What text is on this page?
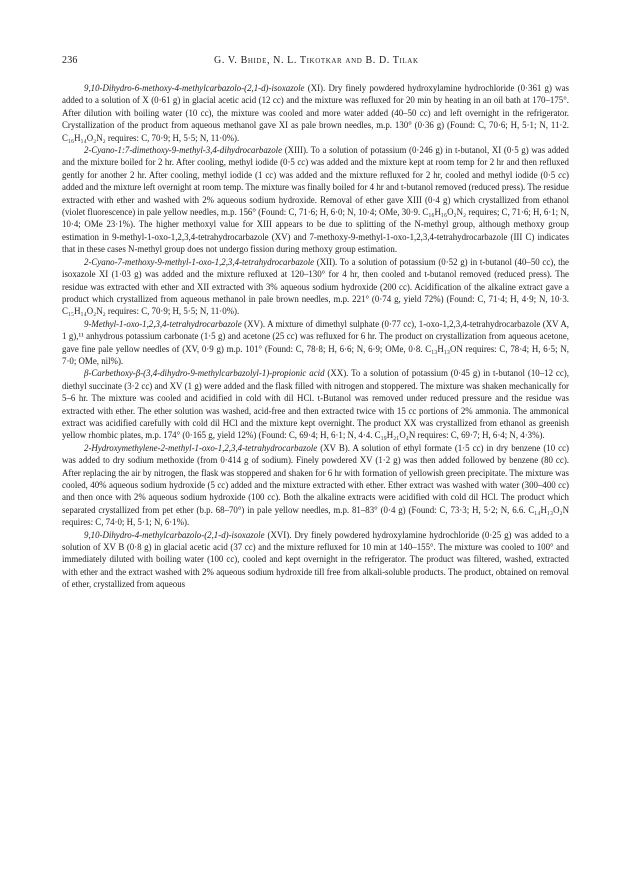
236	G. V. Bhide, N. L. Tikotkar and B. D. Tilak

9,10-Dihydro-6-methoxy-4-methylcarbazolo-(2,1-d)-isoxazole (XI). Dry finely powdered hydroxylamine hydrochloride (0·361 g) was added to a solution of X (0·61 g) in glacial acetic acid (12 cc) and the mixture was refluxed for 20 min by heating in an oil bath at 170–175°. After dilution with boiling water (10 cc), the mixture was cooled and more water added (40–50 cc) and left overnight in the refrigerator. Crystallization of the product from aqueous methanol gave XI as pale brown needles, m.p. 130° (0·36 g) (Found: C, 70·6; H, 5·1; N, 11·2. C₁₆H₁₄O₂N₂ requires: C, 70·9; H, 5·5; N, 11·0%).

2-Cyano-1:7-dimethoxy-9-methyl-3,4-dihydrocarbazole (XIII). To a solution of potassium (0·246 g) in t-butanol, XI (0·5 g) was added and the mixture boiled for 2 hr. After cooling, methyl iodide (0·5 cc) was added and the mixture kept at room temp for 2 hr and then refluxed gently for another 2 hr. After cooling, methyl iodide (1 cc) was added and the mixture refluxed for 2 hr, cooled and methyl iodide (0·5 cc) added and the mixture left overnight at room temp. The mixture was finally boiled for 4 hr and t-butanol removed (reduced press). The residue extracted with ether and washed with 2% aqueous sodium hydroxide. Removal of ether gave XIII (0·4 g) which crystallized from ethanol (violet fluorescence) in pale yellow needles, m.p. 156° (Found: C, 71·6; H, 6·0; N, 10·4; OMe, 30·9. C₁₆H₁₆O₂N₂ requires; C, 71·6; H, 6·1; N, 10·4; OMe 23·1%). The higher methoxyl value for XIII appears to be due to splitting of the N-methyl group, although methoxy group estimation in 9-methyl-1-oxo-1,2,3,4-tetrahydrocarbazole (XV) and 7-methoxy-9-methyl-1-oxo-1,2,3,4-tetrahydrocarbazole (III C) indicates that in these cases N-methyl group does not undergo fission during methoxy group estimation.

2-Cyano-7-methoxy-9-methyl-1-oxo-1,2,3,4-tetrahydrocarbazole (XII). To a solution of potassium (0·52 g) in t-butanol (40–50 cc), the isoxazole XI (1·03 g) was added and the mixture refluxed at 120–130° for 4 hr, then cooled and t-butanol removed (reduced press). The residue was extracted with ether and XII extracted with 3% aqueous sodium hydroxide (200 cc). Acidification of the alkaline extract gave a product which crystallized from aqueous methanol in pale brown needles, m.p. 221° (0·74 g, yield 72%) (Found: C, 71·4; H, 4·9; N, 10·3. C₁₅H₁₄O₂N₂ requires: C, 70·9; H, 5·5; N, 11·0%).

9-Methyl-1-oxo-1,2,3,4-tetrahydrocarbazole (XV). A mixture of dimethyl sulphate (0·77 cc), 1-oxo-1,2,3,4-tetrahydrocarbazole (XV A, 1 g),¹¹ anhydrous potassium carbonate (1·5 g) and acetone (25 cc) was refluxed for 6 hr. The product on crystallization from aqueous acetone, gave fine pale yellow needles of (XV, 0·9 g) m.p. 101° (Found: C, 78·8; H, 6·6; N, 6·9; OMe, 0·8. C₁₃H₁₃ON requires: C, 78·4; H, 6·5; N, 7·0; OMe, nil%).

β-Carbethoxy-β-(3,4-dihydro-9-methylcarbazolyl-1)-propionic acid (XX). To a solution of potassium (0·45 g) in t-butanol (10–12 cc), diethyl succinate (3·2 cc) and XV (1 g) were added and the flask filled with nitrogen and stoppered. The mixture was shaken mechanically for 5–6 hr. The mixture was cooled and acidified in cold with dil HCl. t-Butanol was removed under reduced pressure and the residue was extracted with ether. The ether solution was washed, acid-free and then extracted twice with 15 cc portions of 2% ammonia. The ammonical extract was acidified carefully with cold dil HCl and the mixture kept overnight. The product XX was crystallized from ethanol as greenish yellow rhombic plates, m.p. 174° (0·165 g, yield 12%) (Found: C, 69·4; H, 6·1; N, 4·4. C₁₉H₂₁O₄N requires: C, 69·7; H, 6·4; N, 4·3%).

2-Hydroxymethylene-2-methyl-1-oxo-1,2,3,4-tetrahydrocarbazole (XV B). A solution of ethyl formate (1·5 cc) in dry benzene (10 cc) was added to dry sodium methoxide (from 0·414 g of sodium). Finely powdered XV (1·2 g) was then added followed by benzene (80 cc). After replacing the air by nitrogen, the flask was stoppered and shaken for 6 hr with formation of yellowish green precipitate. The mixture was cooled, 40% aqueous sodium hydroxide (5 cc) added and the mixture extracted with ether. Ether extract was washed with water (300–400 cc) and then once with 2% aqueous sodium hydroxide (100 cc). Both the alkaline extracts were acidified with cold dil HCl. The product which separated crystallized from pet ether (b.p. 68–70°) in pale yellow needles, m.p. 81–83° (0·4 g) (Found: C, 73·3; H, 5·2; N, 6.6. C₁₄H₁₃O₂N requires: C, 74·0; H, 5·1; N, 6·1%).

9,10-Dihydro-4-methylcarbazolo-(2,1-d)-isoxazole (XVI). Dry finely powdered hydroxylamine hydrochloride (0·25 g) was added to a solution of XV B (0·8 g) in glacial acetic acid (37 cc) and the mixture refluxed for 10 min at 140–155°. The mixture was cooled to 100° and immediately diluted with boiling water (100 cc), cooled and kept overnight in the refrigerator. The product was filtered, washed, extracted with ether and the extract washed with 2% aqueous sodium hydroxide till free from alkali-soluble products. The product, obtained on removal of ether, crystallized from aqueous
